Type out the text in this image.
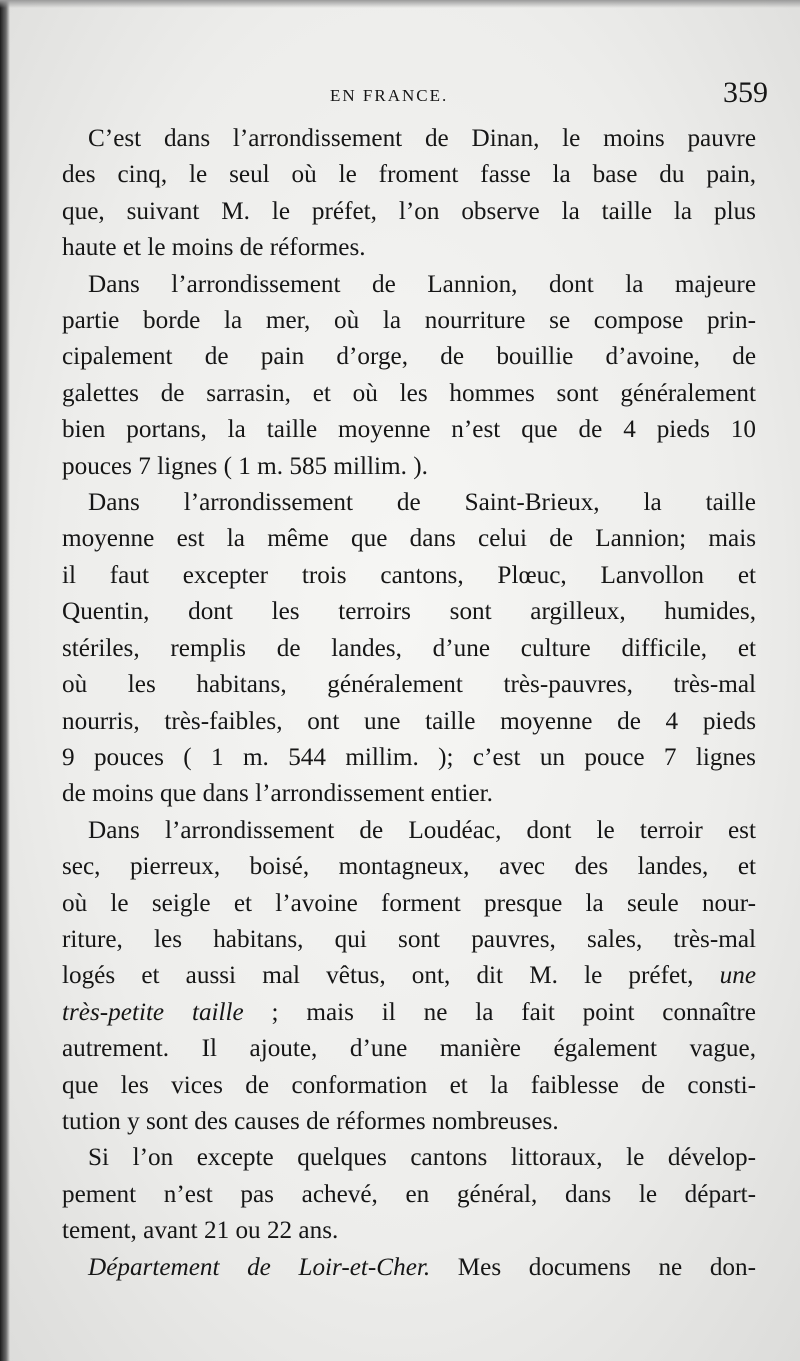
EN FRANCE.	359

C’est dans l’arrondissement de Dinan, le moins pauvre
des cinq, le seul où le froment fasse la base du pain,
que, suivant M. le préfet, l’on observe la taille la plus
haute et le moins de réformes.

Dans l’arrondissement de Lannion, dont la majeure
partie borde la mer, où la nourriture se compose prin-
cipalement de pain d’orge, de bouillie d’avoine, de
galettes de sarrasin, et où les hommes sont généralement
bien portans, la taille moyenne n’est que de 4 pieds 10
pouces 7 lignes ( 1 m. 585 millim. ).

Dans l’arrondissement de Saint-Brieux, la taille
moyenne est la même que dans celui de Lannion; mais
il faut excepter trois cantons, Plœuc, Lanvollon et
Quentin, dont les terroirs sont argilleux, humides,
stériles, remplis de landes, d’une culture difficile, et
où les habitans, généralement très-pauvres, très-mal
nourris, très-faibles, ont une taille moyenne de 4 pieds
9 pouces ( 1 m. 544 millim. ); c’est un pouce 7 lignes
de moins que dans l’arrondissement entier.

Dans l’arrondissement de Loudéac, dont le terroir est
sec, pierreux, boisé, montagneux, avec des landes, et
où le seigle et l’avoine forment presque la seule nour-
riture, les habitans, qui sont pauvres, sales, très-mal
logés et aussi mal vêtus, ont, dit M. le préfet, une
très-petite taille ; mais il ne la fait point connaître
autrement. Il ajoute, d’une manière également vague,
que les vices de conformation et la faiblesse de consti-
tution y sont des causes de réformes nombreuses.

Si l’on excepte quelques cantons littoraux, le dévelop-
pement n’est pas achevé, en général, dans le départ-
tement, avant 21 ou 22 ans.

Département de Loir-et-Cher. Mes documens ne don-
